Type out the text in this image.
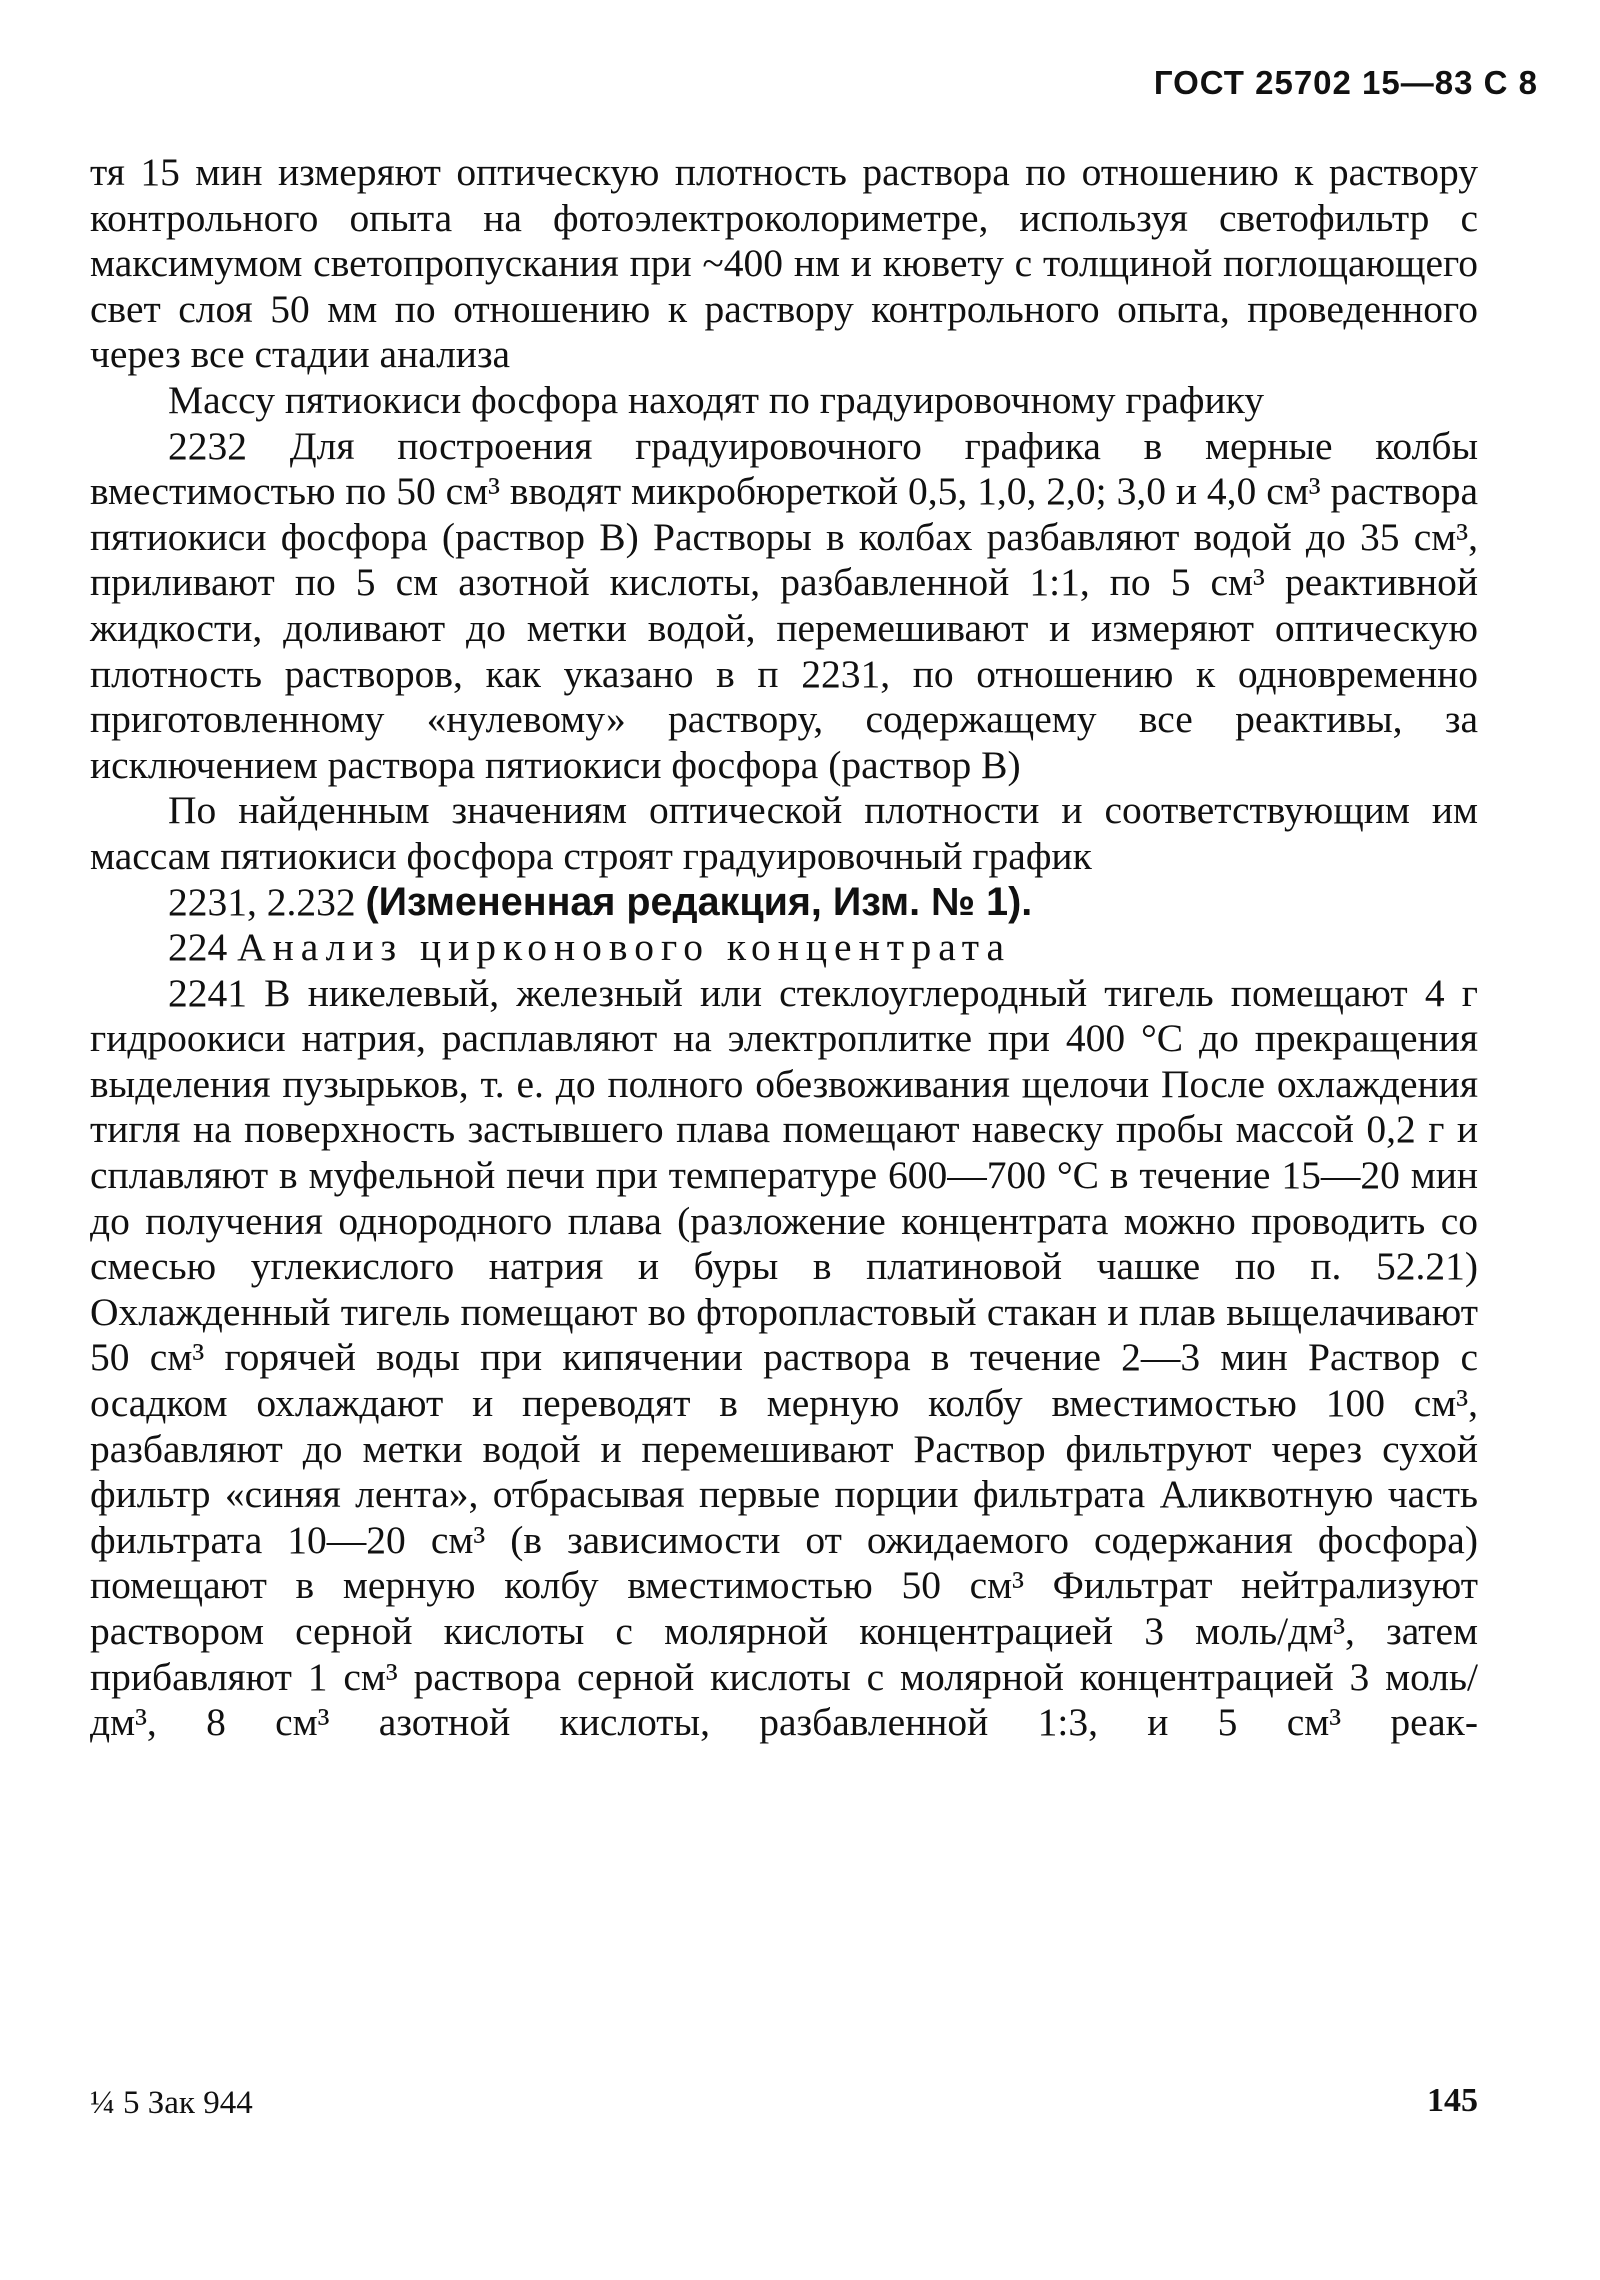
ГОСТ 25702 15—83 С 8

тя 15 мин измеряют оптическую плотность раствора по отношению к раствору контрольного опыта на фотоэлектроколориметре, используя светофильтр с максимумом светопропускания при ~400 нм и кювету с толщиной поглощающего свет слоя 50 мм по отношению к раствору контрольного опыта, проведенного через все стадии анализа

Массу пятиокиси фосфора находят по градуировочному графику

2232 Для построения градуировочного графика в мерные колбы вместимостью по 50 см³ вводят микробюреткой 0,5, 1,0, 2,0; 3,0 и 4,0 см³ раствора пятиокиси фосфора (раствор В) Растворы в колбах разбавляют водой до 35 см³, приливают по 5 см азотной кислоты, разбавленной 1:1, по 5 см³ реактивной жидкости, доливают до метки водой, перемешивают и измеряют оптическую плотность растворов, как указано в п 2231, по отношению к одновременно приготовленному «нулевому» раствору, содержащему все реактивы, за исключением раствора пятиокиси фосфора (раствор В)

По найденным значениям оптической плотности и соответствующим им массам пятиокиси фосфора строят градуировочный график

2231, 2.232 (Измененная редакция, Изм. № 1).

224 Анализ цирконового концентрата

2241 В никелевый, железный или стеклоуглеродный тигель помещают 4 г гидроокиси натрия, расплавляют на электроплитке при 400 °С до прекращения выделения пузырьков, т. е. до полного обезвоживания щелочи После охлаждения тигля на поверхность застывшего плава помещают навеску пробы массой 0,2 г и сплавляют в муфельной печи при температуре 600—700 °С в течение 15—20 мин до получения однородного плава (разложение концентрата можно проводить со смесью углекислого натрия и буры в платиновой чашке по п. 52.21) Охлажденный тигель помещают во фторопластовый стакан и плав выщелачивают 50 см³ горячей воды при кипячении раствора в течение 2—3 мин Раствор с осадком охлаждают и переводят в мерную колбу вместимостью 100 см³, разбавляют до метки водой и перемешивают Раствор фильтруют через сухой фильтр «синяя лента», отбрасывая первые порции фильтрата Аликвотную часть фильтрата 10—20 см³ (в зависимости от ожидаемого содержания фосфора) помещают в мерную колбу вместимостью 50 см³ Фильтрат нейтрализуют раствором серной кислоты с молярной концентрацией 3 моль/дм³, затем прибавляют 1 см³ раствора серной кислоты с молярной концентрацией 3 моль/дм³, 8 см³ азотной кислоты, разбавленной 1:3, и 5 см³ реак-

¼ 5 Зак 944	145
